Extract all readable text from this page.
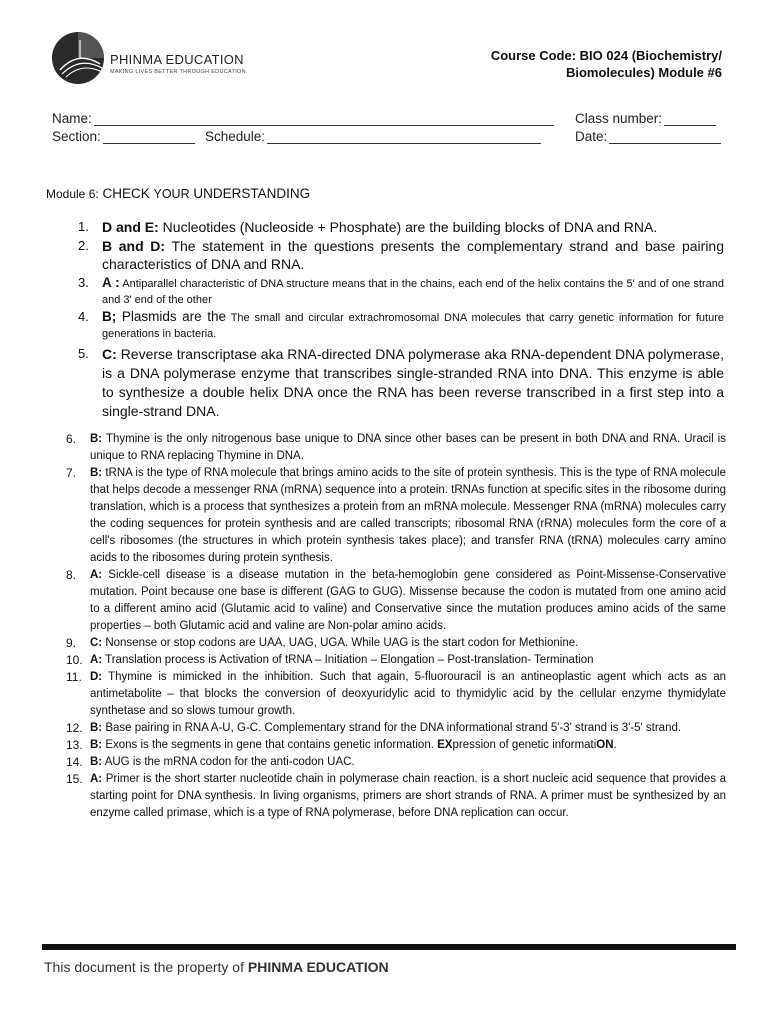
PHINMA EDUCATION
MAKING LIVES BETTER THROUGH EDUCATION
Course Code: BIO 024 (Biochemistry/
Biomolecules) Module #6
Name:	Class number:
Section:	Schedule:	Date:
Module 6: CHECK YOUR UNDERSTANDING
1. D and E: Nucleotides (Nucleoside + Phosphate) are the building blocks of DNA and RNA.
2. B and D: The statement in the questions presents the complementary strand and base pairing characteristics of DNA and RNA.
3. A : Antiparallel characteristic of DNA structure means that in the chains, each end of the helix contains the 5' and of one strand and 3' end of the other
4. B; Plasmids are the The small and circular extrachromosomal DNA molecules that carry genetic information for future generations in bacteria.
5. C: Reverse transcriptase aka RNA-directed DNA polymerase aka RNA-dependent DNA polymerase, is a DNA polymerase enzyme that transcribes single-stranded RNA into DNA. This enzyme is able to synthesize a double helix DNA once the RNA has been reverse transcribed in a first step into a single-strand DNA.
6. B: Thymine is the only nitrogenous base unique to DNA since other bases can be present in both DNA and RNA. Uracil is unique to RNA replacing Thymine in DNA.
7. B: tRNA is the type of RNA molecule that brings amino acids to the site of protein synthesis. This is the type of RNA molecule that helps decode a messenger RNA (mRNA) sequence into a protein. tRNAs function at specific sites in the ribosome during translation, which is a process that synthesizes a protein from an mRNA molecule. Messenger RNA (mRNA) molecules carry the coding sequences for protein synthesis and are called transcripts; ribosomal RNA (rRNA) molecules form the core of a cell's ribosomes (the structures in which protein synthesis takes place); and transfer RNA (tRNA) molecules carry amino acids to the ribosomes during protein synthesis.
8. A: Sickle-cell disease is a disease mutation in the beta-hemoglobin gene considered as Point-Missense-Conservative mutation. Point because one base is different (GAG to GUG). Missense because the codon is mutated from one amino acid to a different amino acid (Glutamic acid to valine) and Conservative since the mutation produces amino acids of the same properties – both Glutamic acid and valine are Non-polar amino acids.
9. C: Nonsense or stop codons are UAA, UAG, UGA. While UAG is the start codon for Methionine.
10. A: Translation process is Activation of tRNA – Initiation – Elongation – Post-translation- Termination
11. D: Thymine is mimicked in the inhibition. Such that again, 5-fluorouracil is an antineoplastic agent which acts as an antimetabolite – that blocks the conversion of deoxyuridylic acid to thymidylic acid by the cellular enzyme thymidylate synthetase and so slows tumour growth.
12. B: Base pairing in RNA A-U, G-C. Complementary strand for the DNA informational strand 5'-3' strand is 3'-5' strand.
13. B: Exons is the segments in gene that contains genetic information. EXpression of genetic informatiON.
14. B: AUG is the mRNA codon for the anti-codon UAC.
15. A: Primer is the short starter nucleotide chain in polymerase chain reaction. is a short nucleic acid sequence that provides a starting point for DNA synthesis. In living organisms, primers are short strands of RNA. A primer must be synthesized by an enzyme called primase, which is a type of RNA polymerase, before DNA replication can occur.
This document is the property of PHINMA EDUCATION
